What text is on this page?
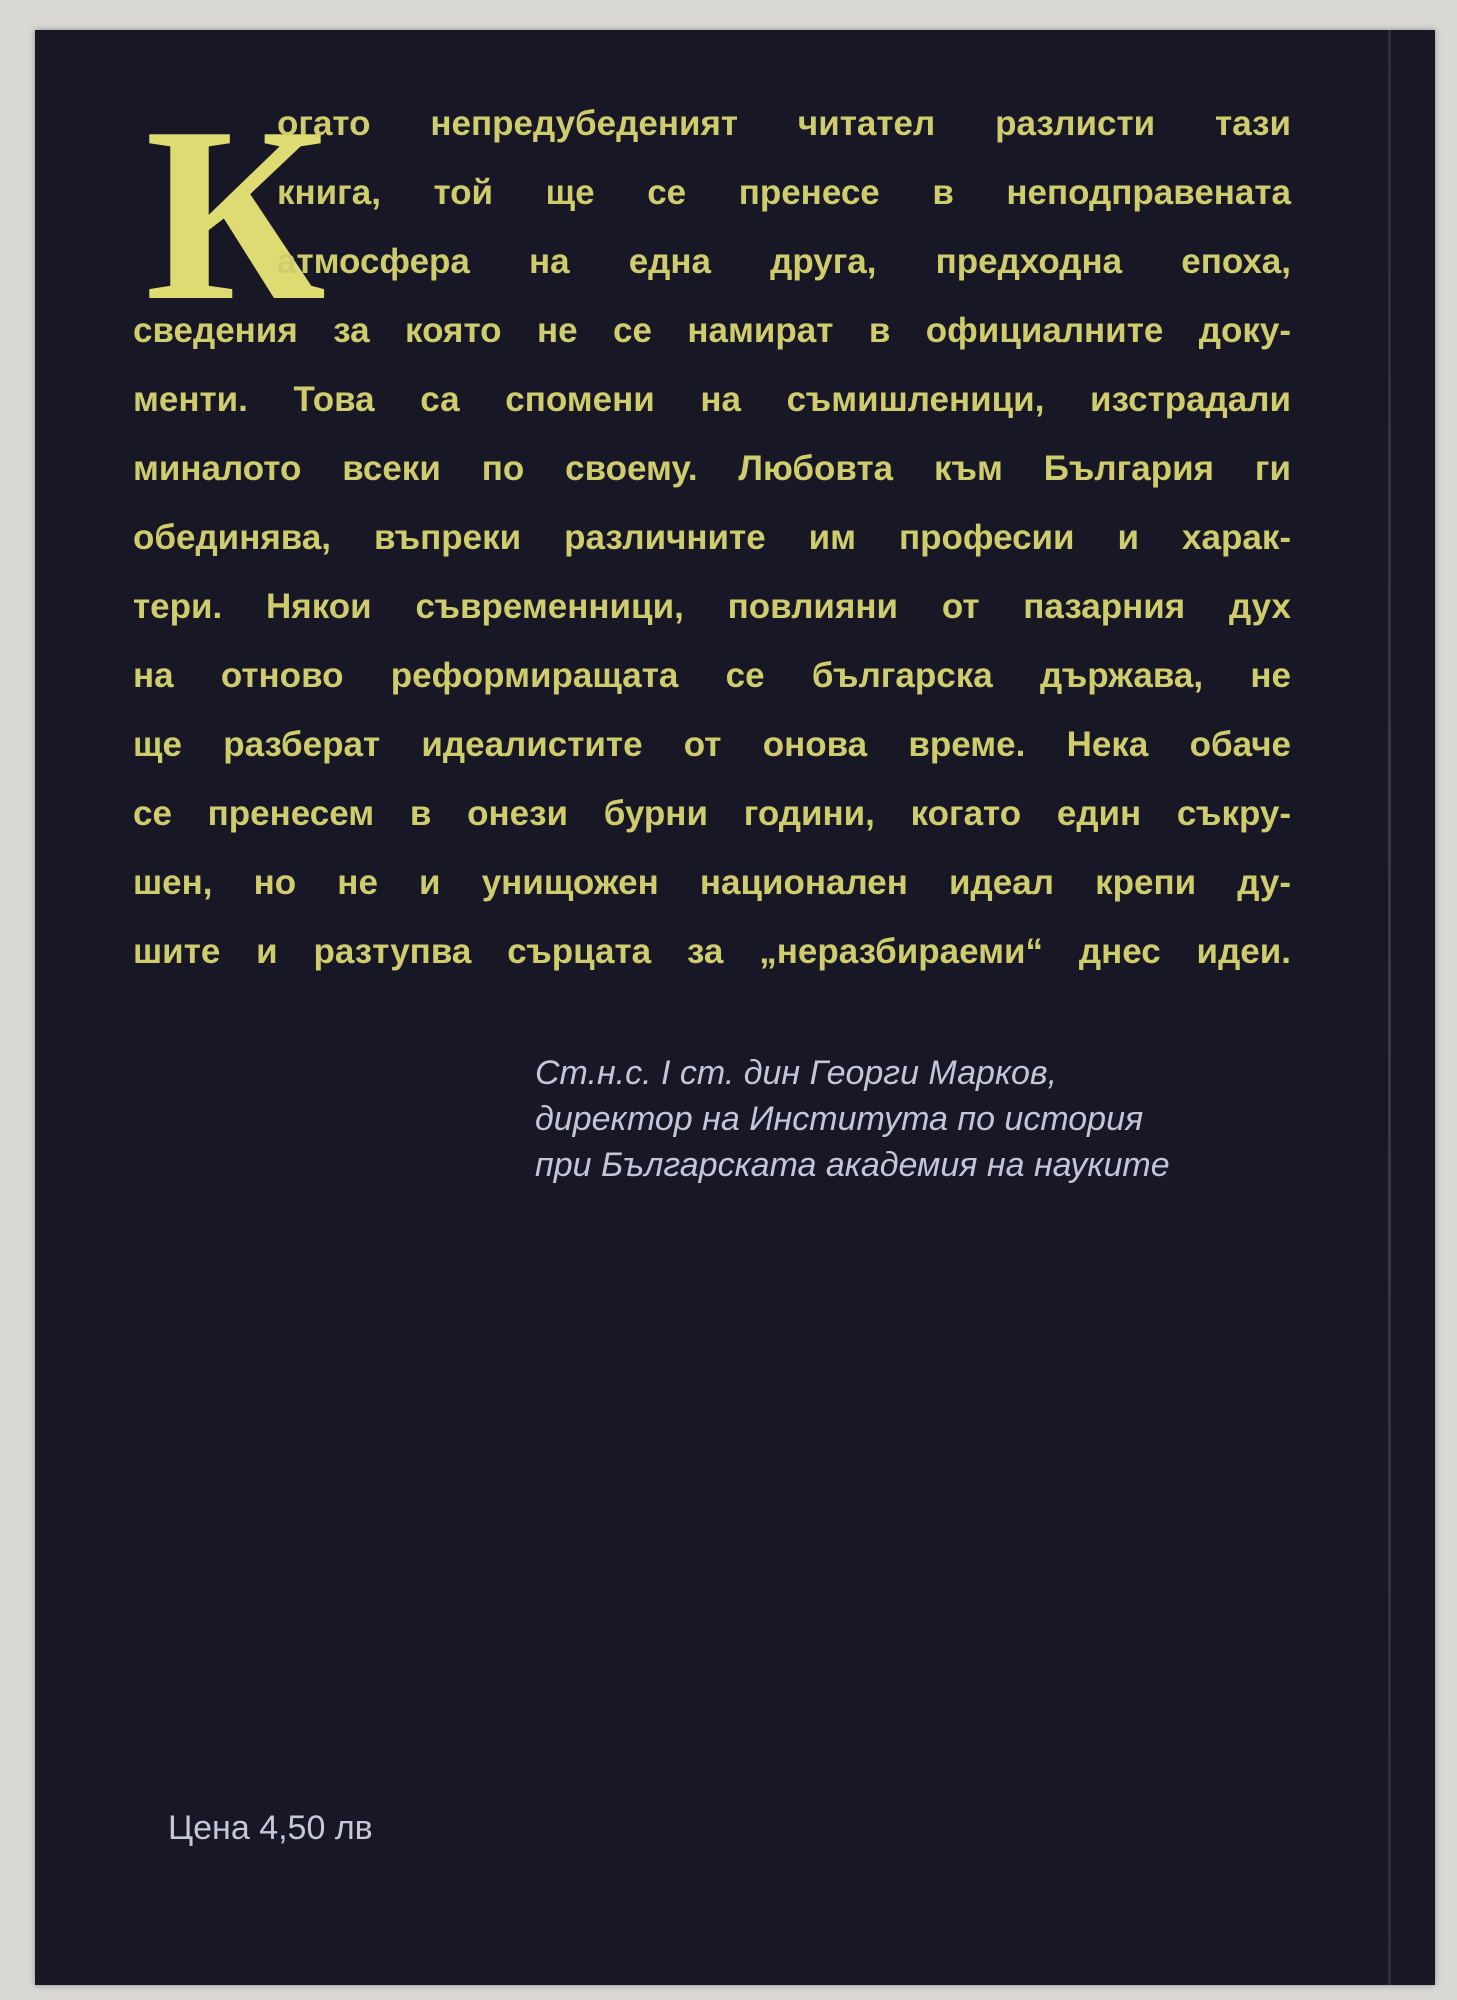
К
огато непредубеденият читател разлисти тази
книга, той ще се пренесе в неподправената
атмосфера на една друга, предходна епоха,
сведения за която не се намират в официалните доку-
менти. Това са спомени на съмишленици, изстрадали
миналото всеки по своему. Любовта към България ги
обединява, въпреки различните им професии и харак-
тери. Някои съвременници, повлияни от пазарния дух
на отново реформиращата се българска държава, не
ще разберат идеалистите от онова време. Нека обаче
се пренесем в онези бурни години, когато един съкру-
шен, но не и унищожен национален идеал крепи ду-
шите и разтупва сърцата за „неразбираеми“ днес идеи.
Ст.н.с. I ст. дин Георги Марков,
директор на Института по история
при Българската академия на науките
Цена 4,50 лв
